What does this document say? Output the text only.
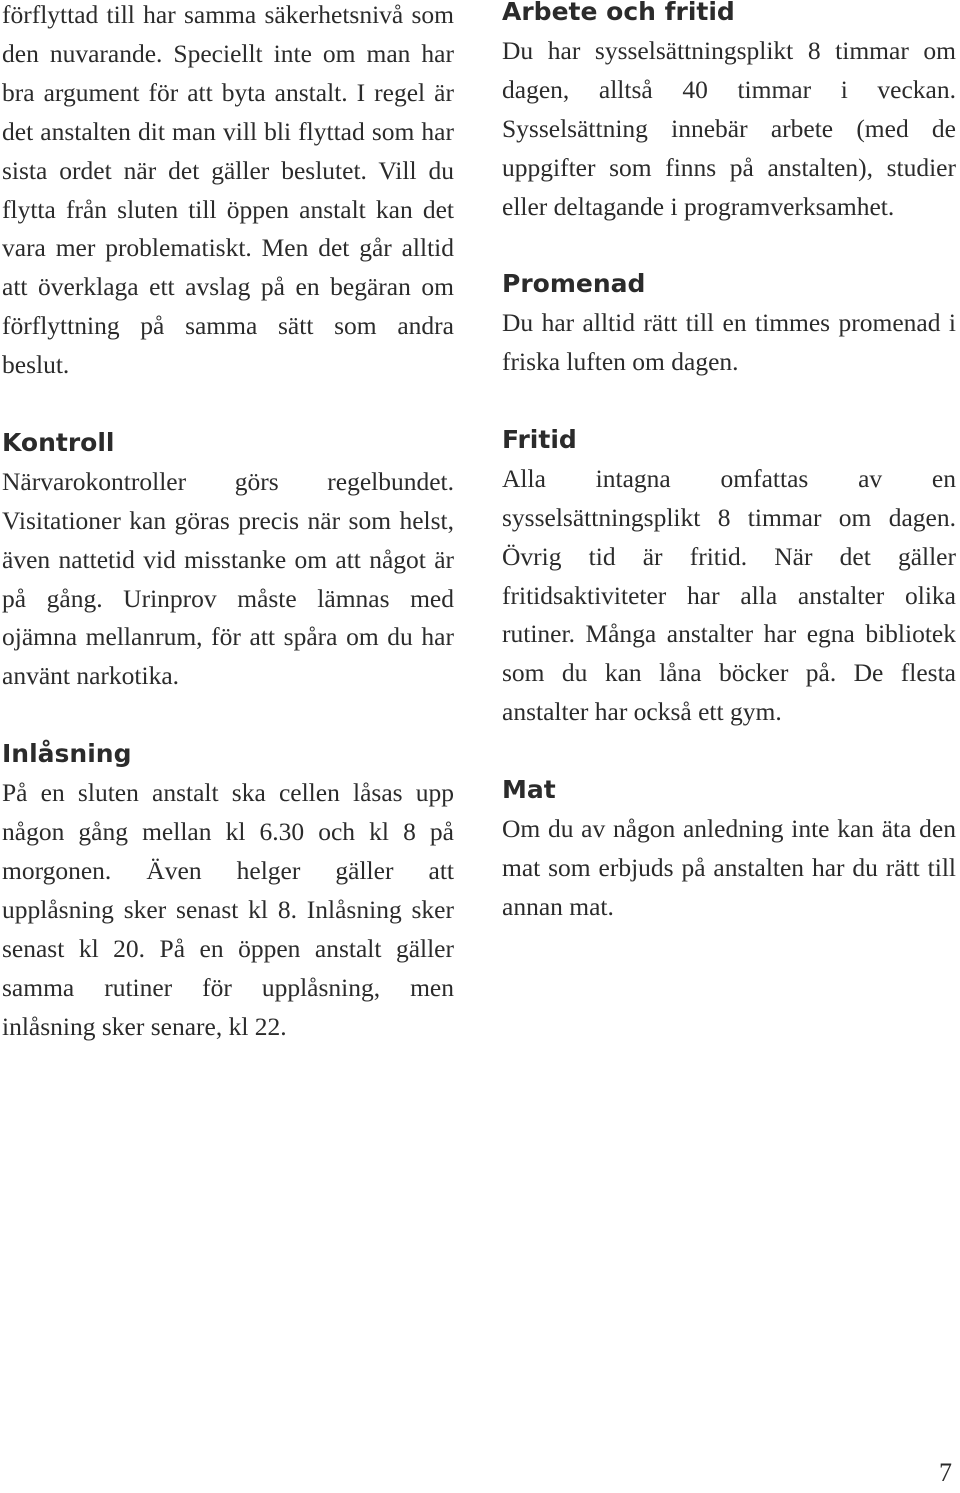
förflyttad till har samma säkerhetsnivå som den nuvarande. Speciellt inte om man har bra argument för att byta anstalt. I regel är det anstalten dit man vill bli flyttad som har sista ordet när det gäller beslutet. Vill du flytta från sluten till öppen anstalt kan det vara mer problematiskt. Men det går alltid att överklaga ett avslag på en begäran om förflyttning på samma sätt som andra beslut.

Kontroll

Närvarokontroller görs regelbundet. Visitationer kan göras precis när som helst, även nattetid vid misstanke om att något är på gång. Urinprov måste lämnas med ojämna mellanrum, för att spåra om du har använt narkotika.

Inlåsning

På en sluten anstalt ska cellen låsas upp någon gång mellan kl 6.30 och kl 8 på morgonen. Även helger gäller att upplåsning sker senast kl 8. Inlåsning sker senast kl 20. På en öppen anstalt gäller samma rutiner för upplåsning, men inlåsning sker senare, kl 22.

Arbete och fritid

Du har sysselsättningsplikt 8 timmar om dagen, alltså 40 timmar i veckan. Sysselsättning innebär arbete (med de uppgifter som finns på anstalten), studier eller deltagande i programverksamhet.

Promenad

Du har alltid rätt till en timmes promenad i friska luften om dagen.

Fritid

Alla intagna omfattas av en sysselsättningsplikt 8 timmar om dagen. Övrig tid är fritid. När det gäller fritidsaktiviteter har alla anstalter olika rutiner. Många anstalter har egna bibliotek som du kan låna böcker på. De flesta anstalter har också ett gym.

Mat

Om du av någon anledning inte kan äta den mat som erbjuds på anstalten har du rätt till annan mat.

7
